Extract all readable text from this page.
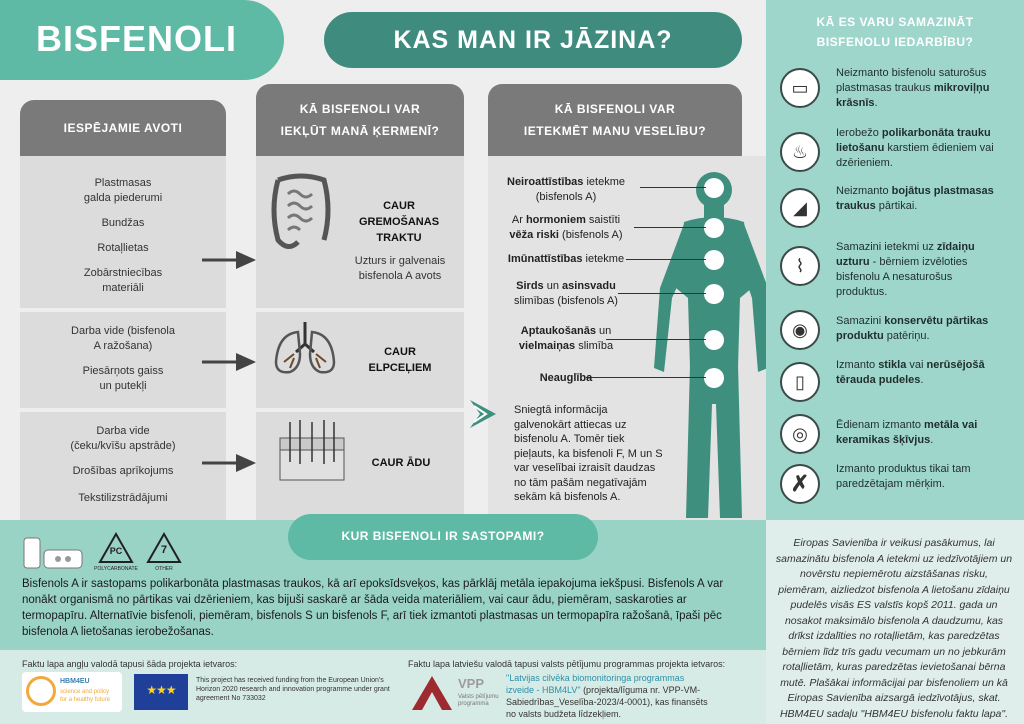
BISFENOLI	KAS MAN IR JĀZINA?
IESPĒJAMIE AVOTI
Plastmasas
galda piederumi
Bundžas
Rotaļlietas
Zobārstniecības
materiāli
Darba vide (bisfenola
A ražošana)
Piesārņots gaiss
un putekļi
Darba vide
(čeku/kvīšu apstrāde)
Drošības aprīkojums
Tekstilizstrādājumi
KĀ BISFENOLI VAR
IEKĻŪT MANĀ ĶERMENĪ?
CAUR
GREMOŠANAS
TRAKTU
Uzturs ir galvenais
bisfenola A avots
CAUR
ELPCEĻIEM
CAUR ĀDU
KĀ BISFENOLI VAR
IETEKMĒT MANU VESELĪBU?
Neiroattīstības ietekme
(bisfenols A)
Ar hormoniem saistīti
vēža riski (bisfenols A)
Imūnattīstības ietekme
Sirds un asinsvadu
slimības (bisfenols A)
Aptaukošanās un
vielmaiņas slimība
Neauglība
Sniegtā informācija
galvenokārt attiecas uz
bisfenolu A. Tomēr tiek
pieļauts, ka bisfenoli F, M un S
var veselībai izraisīt daudzas
no tām pašām negatīvajām
sekām kā bisfenols A.
KĀ ES VARU SAMAZINĀT
BISFENOLU IEDARBĪBU?
▭
Neizmanto bisfenolu saturošus plastmasas traukus mikroviļņu krāsnīs.
♨
Ierobežo polikarbonāta trauku lietošanu karstiem ēdieniem vai dzērieniem.
◢
Neizmanto bojātus plastmasas traukus pārtikai.
⌇
Samazini ietekmi uz zīdaiņu uzturu - bērniem izvēloties bisfenolu A nesaturošus produktus.
◉	Samazini konservētu pārtikas produktu patēriņu.
▯
Izmanto stikla vai nerūsējošā tērauda pudeles.
◎	Ēdienam izmanto metāla vai keramikas šķīvjus.
✗
Izmanto produktus tikai tam paredzētajam mērķim.
KUR BISFENOLI IR SASTOPAMI?
PC
POLYCARBONATE
7
OTHER
Bisfenols A ir sastopams polikarbonāta plastmasas traukos, kā arī epoksīdsveķos, kas pārklāj metāla iepakojuma iekšpusi. Bisfenols A var nonākt organismā no pārtikas vai dzērieniem, kas bijuši saskarē ar šāda veida materiāliem, vai caur ādu, piemēram, saskaroties ar termopapīru. Alternatīvie bisfenoli, piemēram, bisfenols S un bisfenols F, arī tiek izmantoti plastmasas un termopapīra ražošanā, īpaši pēc bisfenola A lietošanas ierobežošanas.

Eiropas Savienība ir veikusi pasākumus, lai samazinātu bisfenola A ietekmi uz iedzīvotājiem un novērstu nepiemērotu aizstāšanas risku, piemēram, aizliedzot bisfenola A lietošanu zīdaiņu pudelēs visās ES valstīs kopš 2011. gada un nosakot maksimālo bisfenola A daudzumu, kas drīkst izdalīties no rotaļlietām, kas paredzētas bērniem līdz trīs gadu vecumam un no jebkurām rotaļlietām, kuras paredzētas ievietošanai bērna mutē. Plašākai informācijai par bisfenoliem un kā Eiropas Savienība aizsargā iedzīvotājus, skat. HBM4EU sadaļu "HBM4EU bisfenolu faktu lapa".

Faktu lapa angļu valodā tapusi šāda projekta ietvaros:
HBM4EU
science and policy
for a healthy future
★★★
This project has received funding from the European Union's
Horizon 2020 research and innovation programme under grant
agreement No 733032
Faktu lapa latviešu valodā tapusi valsts pētījumu programmas projekta ietvaros:
VPP
Valsts pētījumu
programma
"Latvijas cilvēka biomonitoringa programmas
izveide - HBM4LV" (projekta/līguma nr. VPP-VM-
Sabiedrības_Veselība-2023/4-0001), kas finansēts
no valsts budžeta līdzekļiem.
